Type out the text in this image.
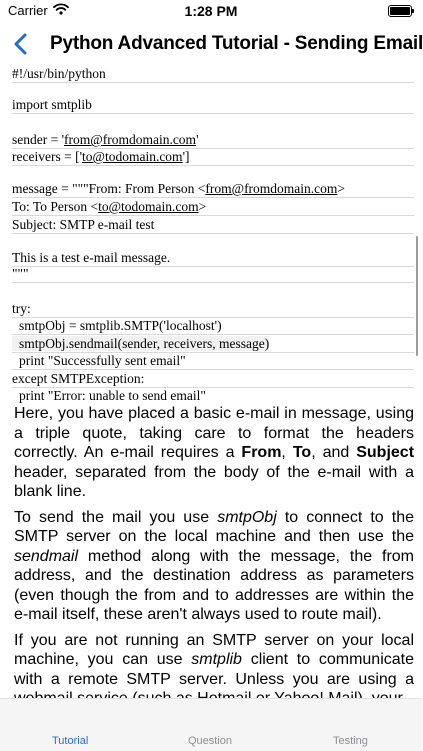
Carrier	1:28 PM
Python Advanced Tutorial - Sending Email
#!/usr/bin/python
import smtplib
sender = 'from@fromdomain.com'
receivers = ['to@todomain.com']
message = """From: From Person <from@fromdomain.com>
To: To Person <to@todomain.com>
Subject: SMTP e-mail test
This is a test e-mail message.
"""
try:
smtpObj = smtplib.SMTP('localhost')
smtpObj.sendmail(sender, receivers, message)
print "Successfully sent email"
except SMTPException:
print "Error: unable to send email"

Here, you have placed a basic e-mail in message, using a triple quote, taking care to format the headers correctly. An e-mail requires a From, To, and Subject header, separated from the body of the e-mail with a blank line.

To send the mail you use smtpObj to connect to the SMTP server on the local machine and then use the sendmail method along with the message, the from address, and the destination address as parameters (even though the from and to addresses are within the e-mail itself, these aren't always used to route mail).

If you are not running an SMTP server on your local machine, you can use smtplib client to communicate with a remote SMTP server. Unless you are using a

Tutorial	Question	Testing
